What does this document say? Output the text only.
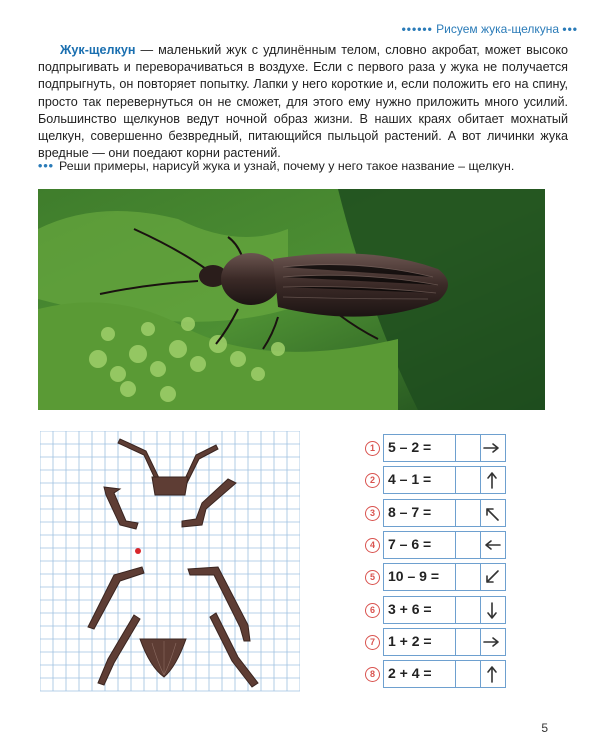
•••••• Рисуем жука-щелкуна •••
Жук-щелкун — маленький жук с удлинённым телом, словно акробат, может высоко подпрыгивать и переворачиваться в воздухе. Если с первого раза у жука не получается подпрыгнуть, он повторяет попытку. Лапки у него короткие и, если положить его на спину, просто так перевернуться он не сможет, для этого ему нужно приложить много усилий. Большинство щелкунов ведут ночной образ жизни. В наших краях обитает мохнатый щелкун, совершенно безвредный, питающийся пыльцой растений. А вот личинки жука вредные — они поедают корни растений.
••• Реши примеры, нарисуй жука и узнай, почему у него такое название – щелкун.
1 5 – 2 =
2 4 – 1 =
3 8 – 7 =
4 7 – 6 =
5 10 – 9 =
6 3 + 6 =
7 1 + 2 =
8 2 + 4 =
5
